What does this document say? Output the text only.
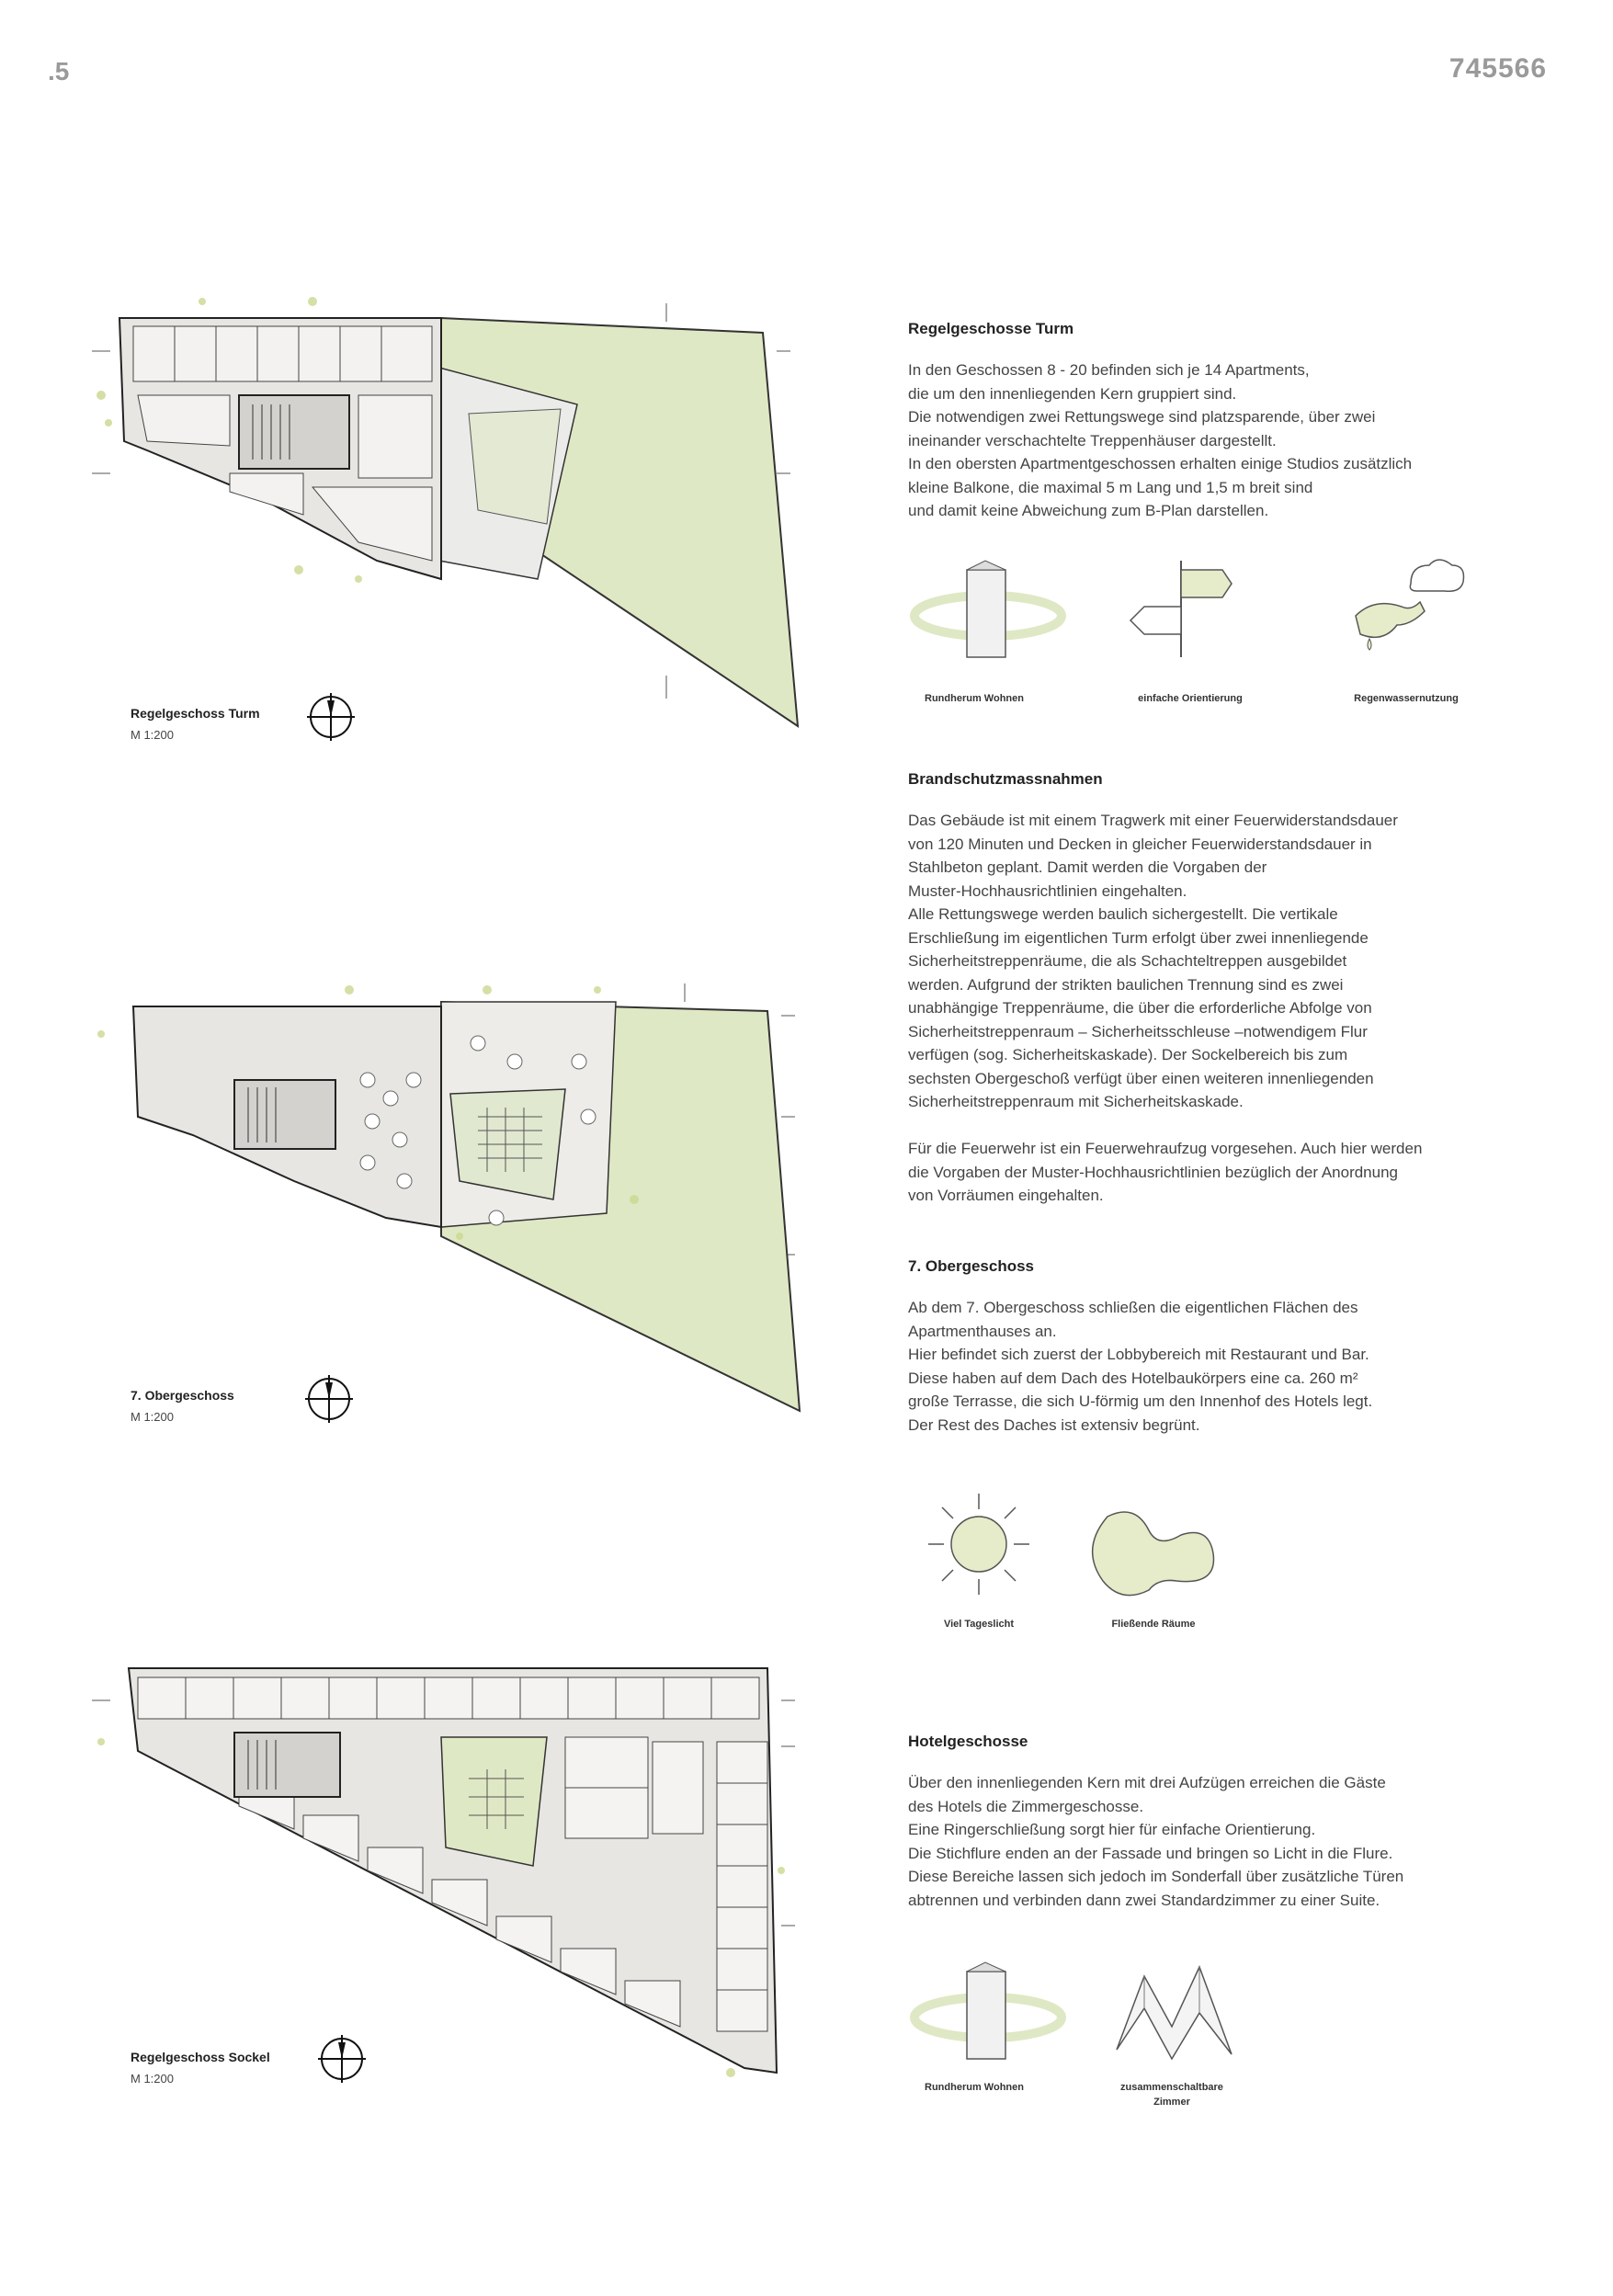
.5	745566
Regelgeschoss Turm
M 1:200
7. Obergeschoss
M 1:200
Regelgeschoss Sockel
M 1:200
Regelgeschosse Turm

In den Geschossen 8 - 20 befinden sich je 14 Apartments,
die um den innenliegenden Kern gruppiert sind.
Die notwendigen zwei Rettungswege sind platzsparende, über zwei
ineinander verschachtelte Treppenhäuser dargestellt.
In den obersten Apartmentgeschossen erhalten einige Studios zusätzlich
kleine Balkone, die maximal 5 m Lang und 1,5 m breit sind
und damit keine Abweichung zum B-Plan darstellen.

Rundherum Wohnen	einfache Orientierung	Regenwassernutzung
Brandschutzmassnahmen

Das Gebäude ist mit einem Tragwerk mit einer Feuerwiderstandsdauer
von 120 Minuten und Decken in gleicher Feuerwiderstandsdauer in
Stahlbeton geplant. Damit werden die Vorgaben der
Muster-Hochhausrichtlinien eingehalten.
Alle Rettungswege werden baulich sichergestellt. Die vertikale
Erschließung im eigentlichen Turm erfolgt über zwei innenliegende
Sicherheitstreppenräume, die als Schachteltreppen ausgebildet
werden. Aufgrund der strikten baulichen Trennung sind es zwei
unabhängige Treppenräume, die über die erforderliche Abfolge von
Sicherheitstreppenraum – Sicherheitsschleuse –notwendigem Flur
verfügen (sog. Sicherheitskaskade). Der Sockelbereich bis zum
sechsten Obergeschoß verfügt über einen weiteren innenliegenden
Sicherheitstreppenraum mit Sicherheitskaskade.

Für die Feuerwehr ist ein Feuerwehraufzug vorgesehen. Auch hier werden
die Vorgaben der Muster-Hochhausrichtlinien bezüglich der Anordnung
von Vorräumen eingehalten.

7. Obergeschoss

Ab dem 7. Obergeschoss schließen die eigentlichen Flächen des
Apartmenthauses an.
Hier befindet sich zuerst der Lobbybereich mit Restaurant und Bar.
Diese haben auf dem Dach des Hotelbaukörpers eine ca. 260 m²
große Terrasse, die sich U-förmig um den Innenhof des Hotels legt.
Der Rest des Daches ist extensiv begrünt.

Viel Tageslicht	Fließende Räume
Hotelgeschosse

Über den innenliegenden Kern mit drei Aufzügen erreichen die Gäste
des Hotels die Zimmergeschosse.
Eine Ringerschließung sorgt hier für einfache Orientierung.
Die Stichflure enden an der Fassade und bringen so Licht in die Flure.
Diese Bereiche lassen sich jedoch im Sonderfall über zusätzliche Türen
abtrennen und verbinden dann zwei Standardzimmer zu einer Suite.

Rundherum Wohnen	zusammenschaltbare Zimmer
